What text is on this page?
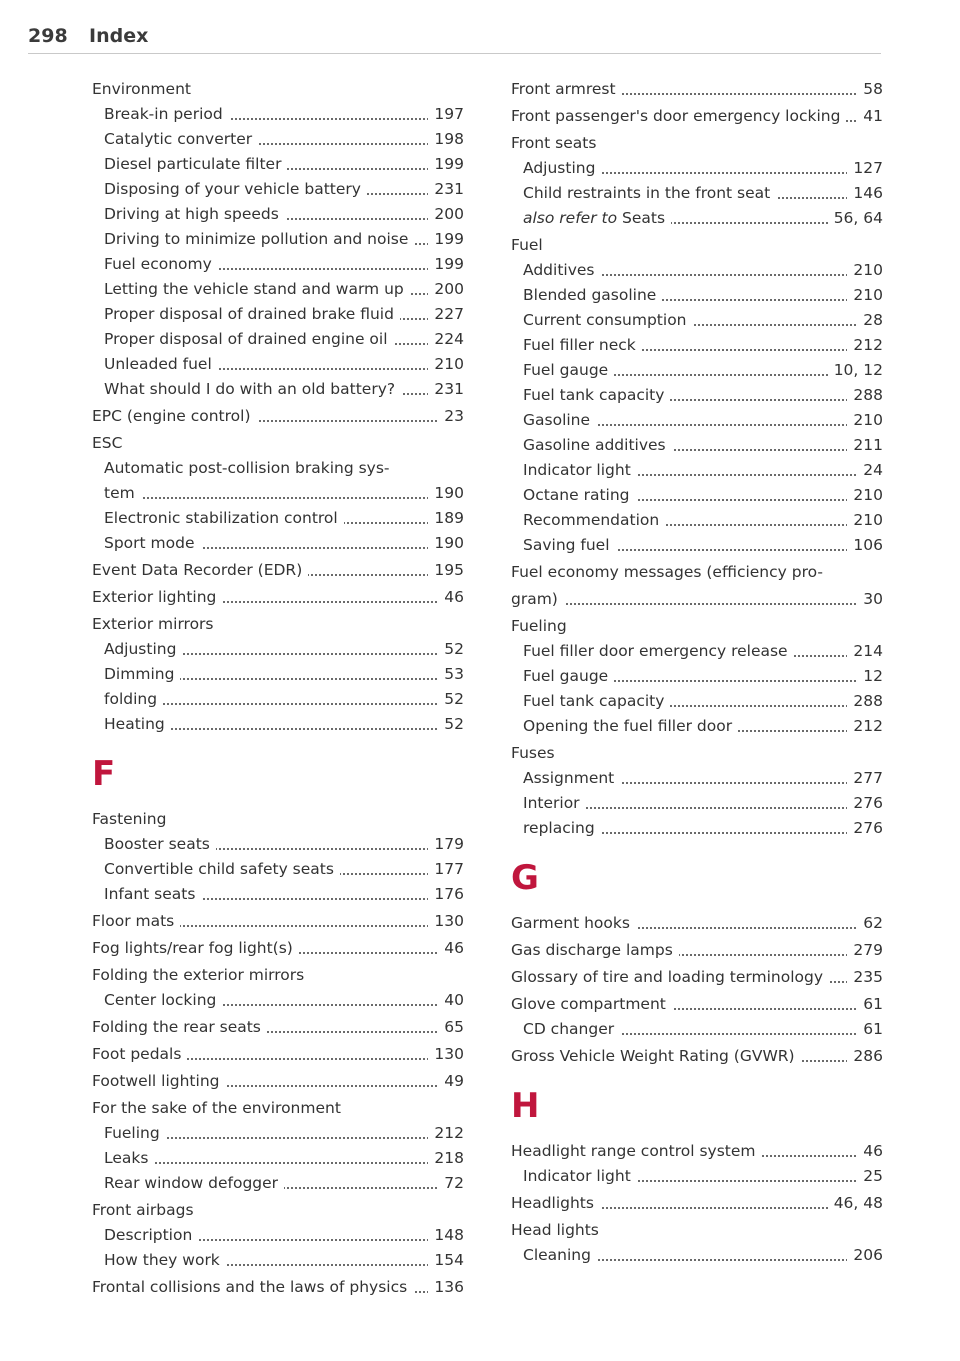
298 Index
Environment
Break-in period	197
Catalytic converter	198
Diesel particulate filter	199
Disposing of your vehicle battery	231
Driving at high speeds	200
Driving to minimize pollution and noise	199
Fuel economy	199
Letting the vehicle stand and warm up	200
Proper disposal of drained brake fluid	227
Proper disposal of drained engine oil	224
Unleaded fuel	210
What should I do with an old battery?	231
EPC (engine control)	23
ESC
Automatic post-collision braking sys-
tem	190
Electronic stabilization control	189
Sport mode	190
Event Data Recorder (EDR)	195
Exterior lighting	46
Exterior mirrors
Adjusting	52
Dimming	53
folding	52
Heating	52
F
Fastening
Booster seats	179
Convertible child safety seats	177
Infant seats	176
Floor mats	130
Fog lights/rear fog light(s)	46
Folding the exterior mirrors
Center locking	40
Folding the rear seats	65
Foot pedals	130
Footwell lighting	49
For the sake of the environment
Fueling	212
Leaks	218
Rear window defogger	72
Front airbags
Description	148
How they work	154
Frontal collisions and the laws of physics	136
Front armrest	58
Front passenger's door emergency locking	41
Front seats
Adjusting	127
Child restraints in the front seat	146
also refer to Seats	56, 64
Fuel
Additives	210
Blended gasoline	210
Current consumption	28
Fuel filler neck	212
Fuel gauge	10, 12
Fuel tank capacity	288
Gasoline	210
Gasoline additives	211
Indicator light	24
Octane rating	210
Recommendation	210
Saving fuel	106
Fuel economy messages (efficiency pro-
gram)	30
Fueling
Fuel filler door emergency release	214
Fuel gauge	12
Fuel tank capacity	288
Opening the fuel filler door	212
Fuses
Assignment	277
Interior	276
replacing	276
G
Garment hooks	62
Gas discharge lamps	279
Glossary of tire and loading terminology	235
Glove compartment	61
CD changer	61
Gross Vehicle Weight Rating (GVWR)	286
H
Headlight range control system	46
Indicator light	25
Headlights	46, 48
Head lights
Cleaning	206
